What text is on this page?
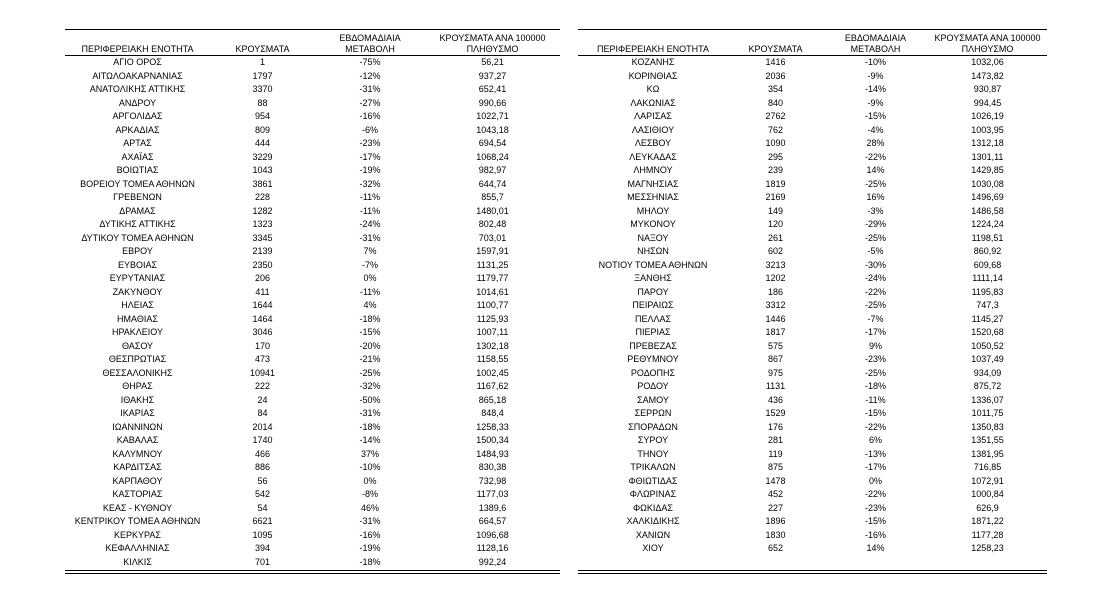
ΠΕΡΙΦΕΡΕΙΑΚΗ ΕΝΟΤΗΤΑ	ΚΡΟΥΣΜΑΤΑ
ΕΒΔΟΜΑΔΙΑΙΑ
ΜΕΤΑΒΟΛΗ
ΚΡΟΥΣΜΑΤΑ ΑΝΑ 100000
ΠΛΗΘΥΣΜΟ
ΑΓΙΟ ΟΡΟΣ	1	-75%	56,21
ΑΙΤΩΛΟΑΚΑΡΝΑΝΙΑΣ	1797	-12%	937,27
ΑΝΑΤΟΛΙΚΗΣ ΑΤΤΙΚΗΣ	3370	-31%	652,41
ΑΝΔΡΟΥ	88	-27%	990,66
ΑΡΓΟΛΙΔΑΣ	954	-16%	1022,71
ΑΡΚΑΔΙΑΣ	809	-6%	1043,18
ΑΡΤΑΣ	444	-23%	694,54
ΑΧΑΪΑΣ	3229	-17%	1068,24
ΒΟΙΩΤΙΑΣ	1043	-19%	982,97
ΒΟΡΕΙΟΥ ΤΟΜΕΑ ΑΘΗΝΩΝ	3861	-32%	644,74
ΓΡΕΒΕΝΩΝ	228	-11%	855,7
ΔΡΑΜΑΣ	1282	-11%	1480,01
ΔΥΤΙΚΗΣ ΑΤΤΙΚΗΣ	1323	-24%	802,48
ΔΥΤΙΚΟΥ ΤΟΜΕΑ ΑΘΗΝΩΝ	3345	-31%	703,01
ΕΒΡΟΥ	2139	7%	1597,91
ΕΥΒΟΙΑΣ	2350	-7%	1131,25
ΕΥΡΥΤΑΝΙΑΣ	206	0%	1179,77
ΖΑΚΥΝΘΟΥ	411	-11%	1014,61
ΗΛΕΙΑΣ	1644	4%	1100,77
ΗΜΑΘΙΑΣ	1464	-18%	1125,93
ΗΡΑΚΛΕΙΟΥ	3046	-15%	1007,11
ΘΑΣΟΥ	170	-20%	1302,18
ΘΕΣΠΡΩΤΙΑΣ	473	-21%	1158,55
ΘΕΣΣΑΛΟΝΙΚΗΣ	10941	-25%	1002,45
ΘΗΡΑΣ	222	-32%	1167,62
ΙΘΑΚΗΣ	24	-50%	865,18
ΙΚΑΡΙΑΣ	84	-31%	848,4
ΙΩΑΝΝΙΝΩΝ	2014	-18%	1258,33
ΚΑΒΑΛΑΣ	1740	-14%	1500,34
ΚΑΛΥΜΝΟΥ	466	37%	1484,93
ΚΑΡΔΙΤΣΑΣ	886	-10%	830,38
ΚΑΡΠΑΘΟΥ	56	0%	732,98
ΚΑΣΤΟΡΙΑΣ	542	-8%	1177,03
ΚΕΑΣ - ΚΥΘΝΟΥ	54	46%	1389,6
ΚΕΝΤΡΙΚΟΥ ΤΟΜΕΑ ΑΘΗΝΩΝ	6621	-31%	664,57
ΚΕΡΚΥΡΑΣ	1095	-16%	1096,68
ΚΕΦΑΛΛΗΝΙΑΣ	394	-19%	1128,16
ΚΙΛΚΙΣ	701	-18%	992,24
ΠΕΡΙΦΕΡΕΙΑΚΗ ΕΝΟΤΗΤΑ	ΚΡΟΥΣΜΑΤΑ
ΕΒΔΟΜΑΔΙΑΙΑ
ΜΕΤΑΒΟΛΗ
ΚΡΟΥΣΜΑΤΑ ΑΝΑ 100000
ΠΛΗΘΥΣΜΟ
ΚΟΖΑΝΗΣ	1416	-10%	1032,06
ΚΟΡΙΝΘΙΑΣ	2036	-9%	1473,82
ΚΩ	354	-14%	930,87
ΛΑΚΩΝΙΑΣ	840	-9%	994,45
ΛΑΡΙΣΑΣ	2762	-15%	1026,19
ΛΑΣΙΘΙΟΥ	762	-4%	1003,95
ΛΕΣΒΟΥ	1090	28%	1312,18
ΛΕΥΚΑΔΑΣ	295	-22%	1301,11
ΛΗΜΝΟΥ	239	14%	1429,85
ΜΑΓΝΗΣΙΑΣ	1819	-25%	1030,08
ΜΕΣΣΗΝΙΑΣ	2169	16%	1496,69
ΜΗΛΟΥ	149	-3%	1486,58
ΜΥΚΟΝΟΥ	120	-29%	1224,24
ΝΑΞΟΥ	261	-25%	1198,51
ΝΗΣΩΝ	602	-5%	860,92
ΝΟΤΙΟΥ ΤΟΜΕΑ ΑΘΗΝΩΝ	3213	-30%	609,68
ΞΑΝΘΗΣ	1202	-24%	1111,14
ΠΑΡΟΥ	186	-22%	1195,83
ΠΕΙΡΑΙΩΣ	3312	-25%	747,3
ΠΕΛΛΑΣ	1446	-7%	1145,27
ΠΙΕΡΙΑΣ	1817	-17%	1520,68
ΠΡΕΒΕΖΑΣ	575	9%	1050,52
ΡΕΘΥΜΝΟΥ	867	-23%	1037,49
ΡΟΔΟΠΗΣ	975	-25%	934,09
ΡΟΔΟΥ	1131	-18%	875,72
ΣΑΜΟΥ	436	-11%	1336,07
ΣΕΡΡΩΝ	1529	-15%	1011,75
ΣΠΟΡΑΔΩΝ	176	-22%	1350,83
ΣΥΡΟΥ	281	6%	1351,55
ΤΗΝΟΥ	119	-13%	1381,95
ΤΡΙΚΑΛΩΝ	875	-17%	716,85
ΦΘΙΩΤΙΔΑΣ	1478	0%	1072,91
ΦΛΩΡΙΝΑΣ	452	-22%	1000,84
ΦΩΚΙΔΑΣ	227	-23%	626,9
ΧΑΛΚΙΔΙΚΗΣ	1896	-15%	1871,22
ΧΑΝΙΩΝ	1830	-16%	1177,28
ΧΙΟΥ	652	14%	1258,23
